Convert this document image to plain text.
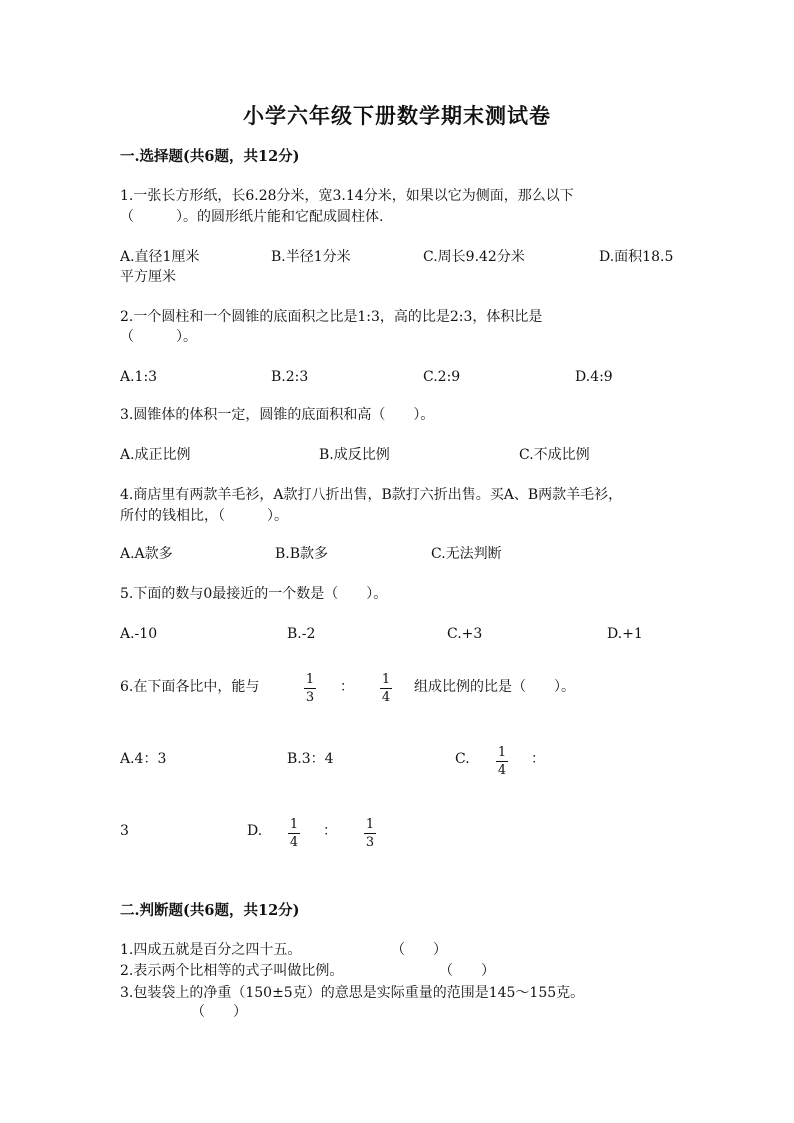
小学六年级下册数学期末测试卷
一.选择题(共6题，共12分)
1.一张长方形纸，长6.28分米，宽3.14分米，如果以它为侧面，那么以下
（　　　）。的圆形纸片能和它配成圆柱体.
A.直径1厘米	B.半径1分米	C.周长9.42分米	D.面积18.5
平方厘米
2.一个圆柱和一个圆锥的底面积之比是1:3，高的比是2:3，体积比是
（　　　）。
A.1:3	B.2:3	C.2:9	D.4:9
3.圆锥体的体积一定，圆锥的底面积和高（　　）。
A.成正比例	B.成反比例	C.不成比例
4.商店里有两款羊毛衫，A款打八折出售，B款打六折出售。买A、B两款羊毛衫，
所付的钱相比，（　　　）。
A.A款多	B.B款多	C.无法判断
5.下面的数与0最接近的一个数是（　　）。
A.-10	B.-2	C.+3	D.+1
6.在下面各比中，能与	1
3
：	1
4
组成比例的比是（　　）。
A.4：3	B.3：4	C.	1
4
：
3	D.	1
4
：	1
3
二.判断题(共6题，共12分)
1.四成五就是百分之四十五。	（　　）
2.表示两个比相等的式子叫做比例。	（　　）
3.包装袋上的净重（150±5克）的意思是实际重量的范围是145～155克。
（　　）
